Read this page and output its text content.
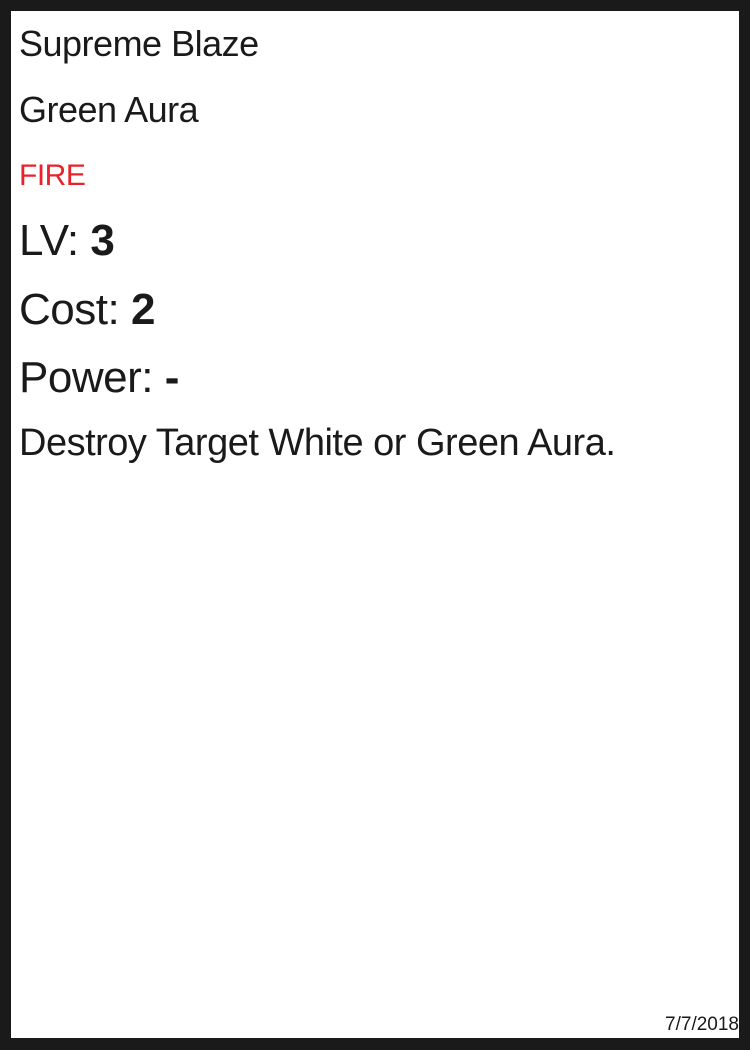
Supreme Blaze

Green Aura

FIRE

LV: 3

Cost: 2

Power: -

Destroy Target White or Green Aura.

7/7/2018
